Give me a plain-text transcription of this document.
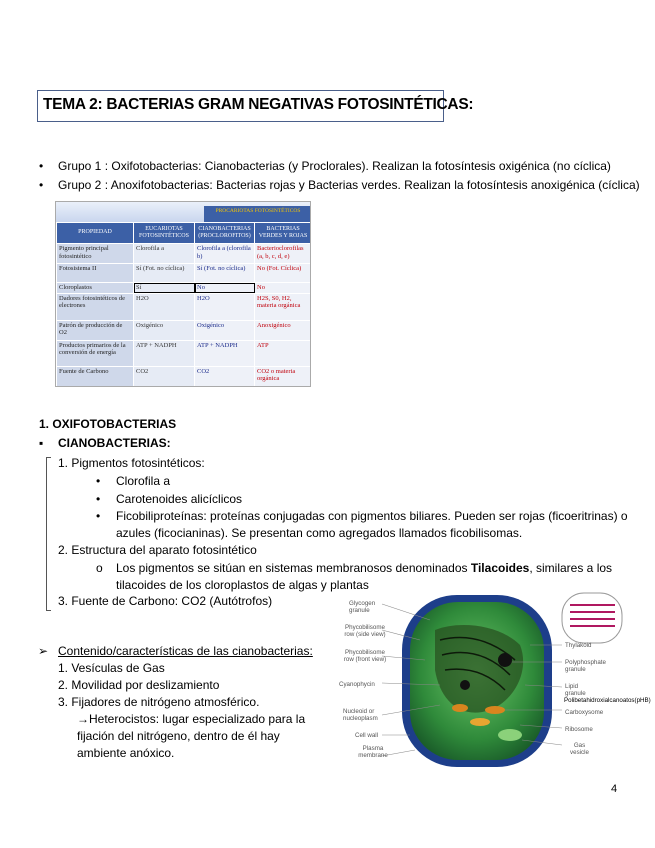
TEMA 2: BACTERIAS GRAM NEGATIVAS FOTOSINTÉTICAS:
• Grupo 1 : Oxifotobacterias: Cianobacterias (y Proclorales). Realizan la fotosíntesis oxigénica (no cíclica)
• Grupo 2 : Anoxifotobacterias: Bacterias rojas y Bacterias verdes. Realizan la fotosíntesis anoxigénica (cíclica)
PROCARIOTAS FOTOSINTÉTICOS
PROPIEDAD	EUCARIOTAS FOTOSINTÉTICOS	CIANOBACTERIAS (PROCLOROFITOS)	BACTERIAS VERDES Y ROJAS
Pigmento principal fotosintético	Clorofila a	Clorofila a (clorofila b)	Bacterioclorofilas (a, b, c, d, e)
Fotosistema II	Sí (Fot. no cíclica)	Sí (Fot. no cíclica)	No (Fot. Cíclica)
Cloroplastos	Sí	No	No
Dadores fotosintéticos de electrones	H2O	H2O	H2S, S0, H2, materia orgánica
Patrón de producción de O2	Oxigénico	Oxigénico	Anoxigénico
Productos primarios de la conversión de energía	ATP + NADPH	ATP + NADPH	ATP
Fuente de Carbono	CO2	CO2	CO2 o materia orgánica
1. OXIFOTOBACTERIAS
▪ CIANOBACTERIAS:
1. Pigmentos fotosintéticos:
• Clorofila a
• Carotenoides alicíclicos
• Ficobiliproteínas: proteínas conjugadas con pigmentos biliares. Pueden ser rojas (ficoeritrinas) o
azules (ficocianinas). Se presentan como agregados llamados ficobilisomas.
2. Estructura del aparato fotosintético
o Los pigmentos se sitúan en sistemas membranosos denominados Tilacoides, similares a los
tilacoides de los cloroplastos de algas y plantas
3. Fuente de Carbono: CO2 (Autótrofos)
➢ Contenido/características de las cianobacterias:
1. Vesículas de Gas
2. Movilidad por deslizamiento
3. Fijadores de nitrógeno atmosférico.
→Heterocistos: lugar especializado para la
fijación del nitrógeno, dentro de él hay
ambiente anóxico.
Glycogen granule
Phycobilisome row (side view)
Phycobilisome row (front view)
Cyanophycin
Nucleoid or nucleoplasm
Cell wall
Plasma membrane
Thylakoid
Polyphosphate granule
Lipid granule
Polibetahidroxialcanoatos(pHB)
Carboxysome
Ribosome
Gas vesicle
4
